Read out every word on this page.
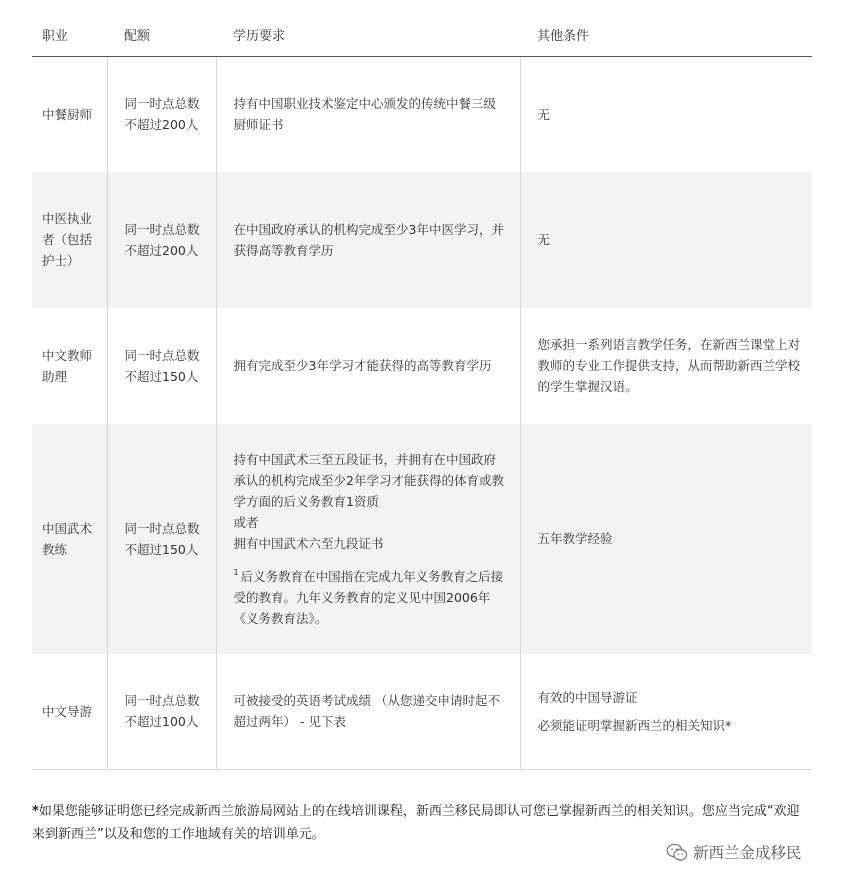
职业	配额	学历要求	其他条件
中餐厨师	同一时点总数不超过200人	持有中国职业技术鉴定中心颁发的传统中餐三级厨师证书	无

中医执业者（包括护士）	同一时点总数不超过200人	在中国政府承认的机构完成至少3年中医学习，并获得高等教育学历	无

中文教师助理	同一时点总数不超过150人	拥有完成至少3年学习才能获得的高等教育学历	您承担一系列语言教学任务，在新西兰课堂上对教师的专业工作提供支持，从而帮助新西兰学校的学生掌握汉语。

中国武术教练	同一时点总数不超过150人	持有中国武术三至五段证书，并拥有在中国政府承认的机构完成至少2年学习才能获得的体育或教学方面的后义务教育1资质
或者
拥有中国武术六至九段证书
$^1$ 后义务教育在中国指在完成九年义务教育之后接受的教育。九年义务教育的定义见中国2006年《义务教育法》。	五年教学经验

中文导游	同一时点总数不超过100人	可被接受的英语考试成绩 （从您递交申请时起不超过两年） - 见下表	有效的中国导游证
必须能证明掌握新西兰的相关知识*
*如果您能够证明您已经完成新西兰旅游局网站上的在线培训课程，新西兰移民局即认可您已掌握新西兰的相关知识。您应当完成“欢迎来到新西兰”以及和您的工作地域有关的培训单元。
新西兰金成移民
